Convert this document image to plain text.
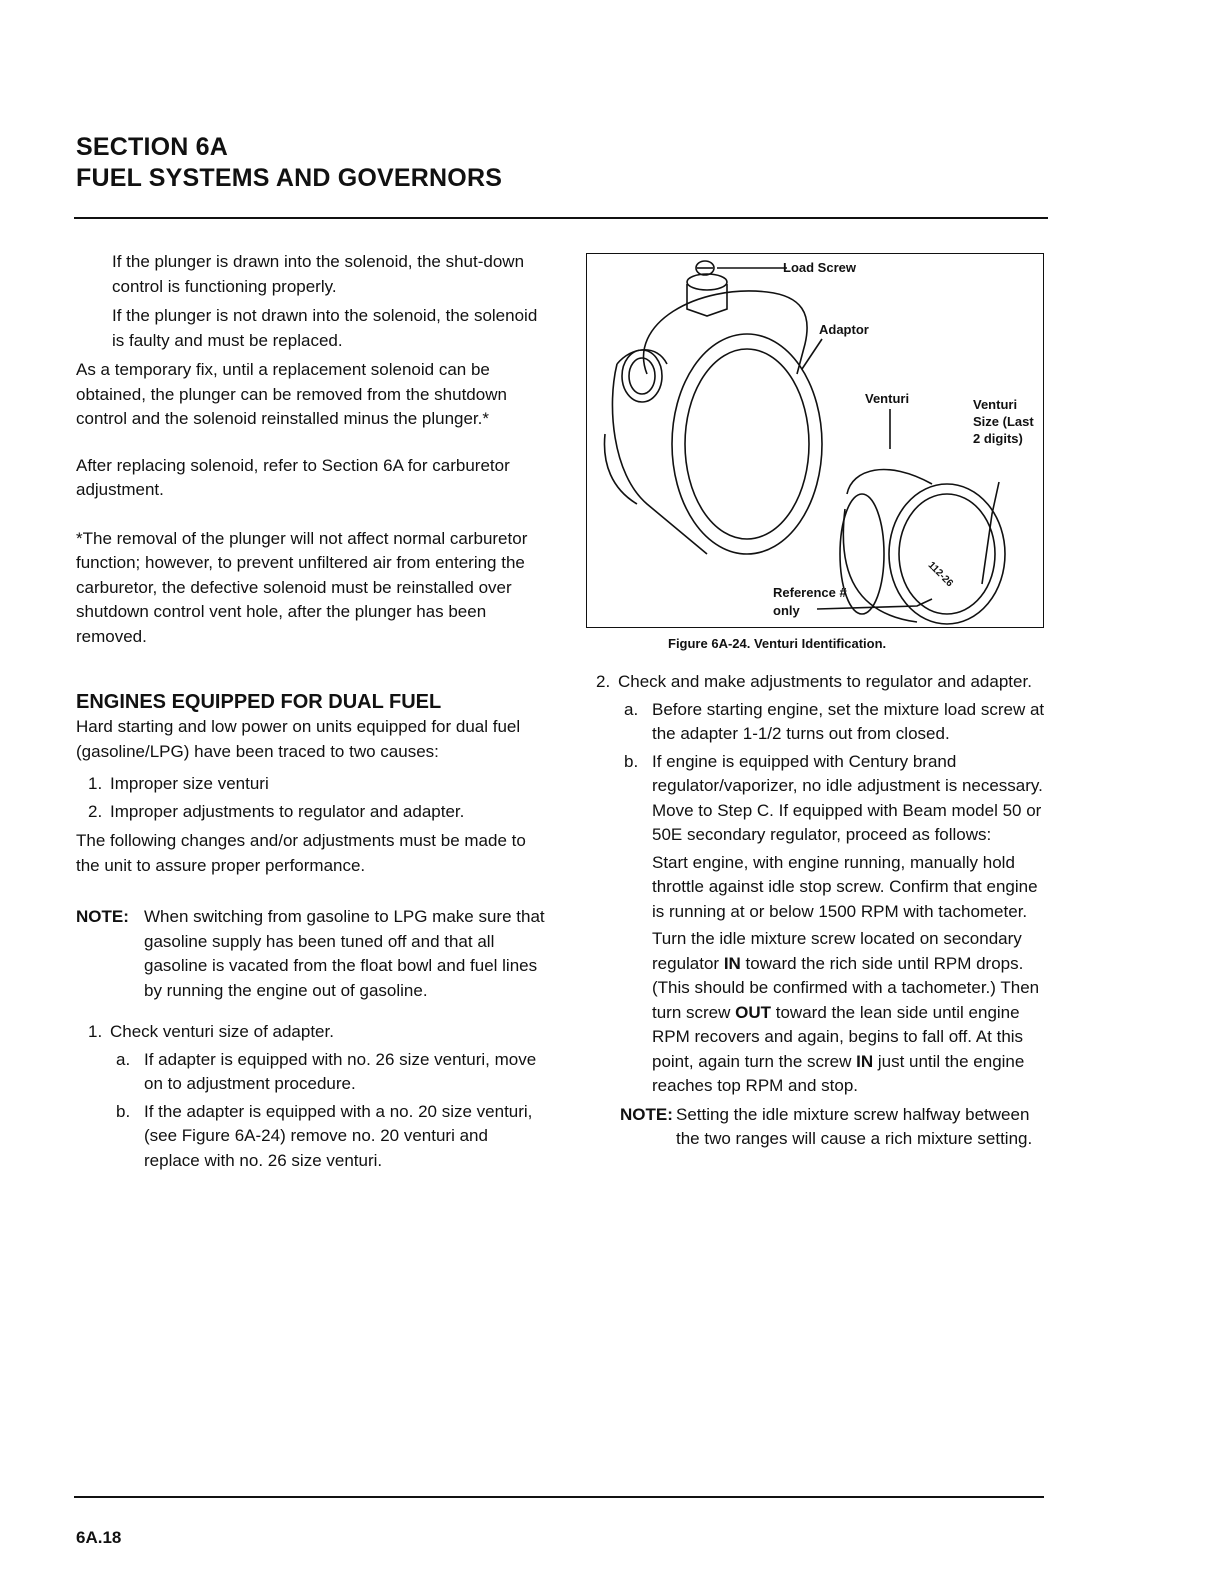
SECTION 6A
FUEL SYSTEMS AND GOVERNORS

If the plunger is drawn into the solenoid, the shut-down control is functioning properly.

If the plunger is not drawn into the solenoid, the solenoid is faulty and must be replaced.

As a temporary fix, until a replacement solenoid can be obtained, the plunger can be removed from the shutdown control and the solenoid reinstalled minus the plunger.*

After replacing solenoid, refer to Section 6A for carburetor adjustment.

*The removal of the plunger will not affect normal carburetor function; however, to prevent unfiltered air from entering the carburetor, the defective solenoid must be reinstalled over shutdown control vent hole, after the plunger has been removed.

ENGINES EQUIPPED FOR DUAL FUEL

Hard starting and low power on units equipped for dual fuel (gasoline/LPG) have been traced to two causes:

1. Improper size venturi
2. Improper adjustments to regulator and adapter.

The following changes and/or adjustments must be made to the unit to assure proper performance.

NOTE: When switching from gasoline to LPG make sure that gasoline supply has been tuned off and that all gasoline is vacated from the float bowl and fuel lines by running the engine out of gasoline.
1. Check venturi size of adapter.
a. If adapter is equipped with no. 26 size venturi, move on to adjustment procedure.
b. If the adapter is equipped with a no. 20 size venturi, (see Figure 6A-24) remove no. 20 venturi and replace with no. 26 size venturi.
Load Screw
Adaptor
Venturi	Venturi Size (Last 2 digits)
112-26
Reference #
only
Figure 6A-24. Venturi Identification.
2. Check and make adjustments to regulator and adapter.
a. Before starting engine, set the mixture load screw at the adapter 1-1/2 turns out from closed.
b. If engine is equipped with Century brand regulator/vaporizer, no idle adjustment is necessary. Move to Step C. If equipped with Beam model 50 or 50E secondary regulator, proceed as follows:
Start engine, with engine running, manually hold throttle against idle stop screw. Confirm that engine is running at or below 1500 RPM with tachometer.
Turn the idle mixture screw located on secondary regulator IN toward the rich side until RPM drops. (This should be confirmed with a tachometer.) Then turn screw OUT toward the lean side until engine RPM recovers and again, begins to fall off. At this point, again turn the screw IN just until the engine reaches top RPM and stop.
NOTE: Setting the idle mixture screw halfway between the two ranges will cause a rich mixture setting.
6A.18
